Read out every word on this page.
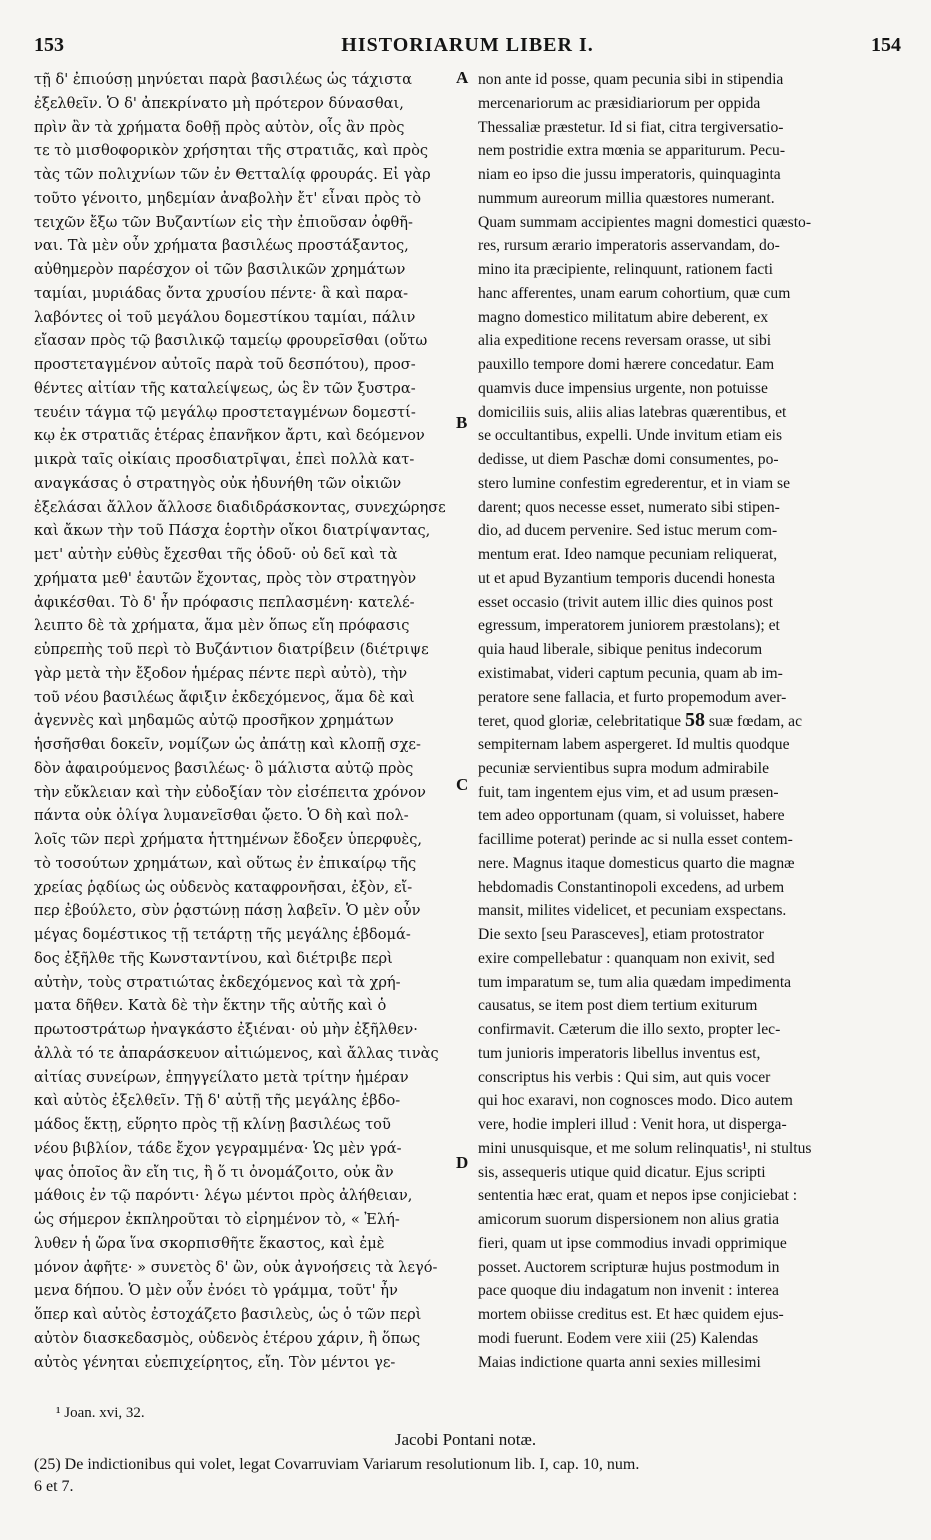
153	HISTORIARUM LIBER I.	154
τῇ δ' ἐπιούσῃ μηνύεται παρὰ βασιλέως ὡς τάχιστα
ἐξελθεῖν. Ὁ δ' ἀπεκρίνατο μὴ πρότερον δύνασθαι,
πρὶν ἂν τὰ χρήματα δοθῇ πρὸς αὐτὸν, οἷς ἂν πρὸς
τε τὸ μισθοφορικὸν χρήσηται τῆς στρατιᾶς, καὶ πρὸς
τὰς τῶν πολιχνίων τῶν ἐν Θετταλίᾳ φρουράς. Εἰ γὰρ
τοῦτο γένοιτο, μηδεμίαν ἀναβολὴν ἔτ' εἶναι πρὸς τὸ
τειχῶν ἔξω τῶν Βυζαντίων εἰς τὴν ἐπιοῦσαν ὀφθῆ-
ναι. Τὰ μὲν οὖν χρήματα βασιλέως προστάξαντος,
αὐθημερὸν παρέσχον οἱ τῶν βασιλικῶν χρημάτων
ταμίαι, μυριάδας ὄντα χρυσίου πέντε· ἃ καὶ παρα-
λαβόντες οἱ τοῦ μεγάλου δομεστίκου ταμίαι, πάλιν
εἴασαν πρὸς τῷ βασιλικῷ ταμείῳ φρουρεῖσθαι (οὕτω
προστεταγμένον αὐτοῖς παρὰ τοῦ δεσπότου), προσ-
θέντες αἰτίαν τῆς καταλείψεως, ὡς ἓν τῶν ξυστρα-
τευέιν τάγμα τῷ μεγάλῳ προστεταγμένων δομεστί-
κῳ ἐκ στρατιᾶς ἑτέρας ἐπανῆκον ἄρτι, καὶ δεόμενον
μικρὰ ταῖς οἰκίαις προσδιατρῖψαι, ἐπεὶ πολλὰ κατ-
αναγκάσας ὁ στρατηγὸς οὐκ ἠδυνήθη τῶν οἰκιῶν
ἐξελάσαι ἄλλον ἄλλοσε διαδιδράσκοντας, συνεχώρησε
καὶ ἄκων τὴν τοῦ Πάσχα ἑορτὴν οἴκοι διατρίψαντας,
μετ' αὐτὴν εὐθὺς ἔχεσθαι τῆς ὁδοῦ· οὐ δεῖ καὶ τὰ
χρήματα μεθ' ἑαυτῶν ἔχοντας, πρὸς τὸν στρατηγὸν
ἀφικέσθαι. Τὸ δ' ἦν πρόφασις πεπλασμένη· κατελέ-
λειπτο δὲ τὰ χρήματα, ἅμα μὲν ὅπως εἴη πρόφασις
εὐπρεπὴς τοῦ περὶ τὸ Βυζάντιον διατρίβειν (διέτριψε
γὰρ μετὰ τὴν ἔξοδον ἡμέρας πέντε περὶ αὐτὸ), τὴν
τοῦ νέου βασιλέως ἄφιξιν ἐκδεχόμενος, ἅμα δὲ καὶ
ἀγεννὲς καὶ μηδαμῶς αὐτῷ προσῆκον χρημάτων
ἡσσῆσθαι δοκεῖν, νομίζων ὡς ἀπάτῃ καὶ κλοπῇ σχε-
δὸν ἀφαιρούμενος βασιλέως· ὃ μάλιστα αὐτῷ πρὸς
τὴν εὔκλειαν καὶ τὴν εὐδοξίαν τὸν εἰσέπειτα χρόνον
πάντα οὐκ ὀλίγα λυμανεῖσθαι ᾤετο. Ὁ δὴ καὶ πολ-
λοῖς τῶν περὶ χρήματα ἡττημένων ἔδοξεν ὑπερφυὲς,
τὸ τοσούτων χρημάτων, καὶ οὕτως ἐν ἐπικαίρῳ τῆς
χρείας ῥᾳδίως ὡς οὐδενὸς καταφρονῆσαι, ἐξὸν, εἴ-
περ ἐβούλετο, σὺν ῥᾳστώνῃ πάσῃ λαβεῖν. Ὁ μὲν οὖν
μέγας δομέστικος τῇ τετάρτῃ τῆς μεγάλης ἑβδομά-
δος ἐξῆλθε τῆς Κωνσταντίνου, καὶ διέτριβε περὶ
αὐτὴν, τοὺς στρατιώτας ἐκδεχόμενος καὶ τὰ χρή-
ματα δῆθεν. Κατὰ δὲ τὴν ἕκτην τῆς αὐτῆς καὶ ὁ
πρωτοστράτωρ ἠναγκάστο ἐξιέναι· οὐ μὴν ἐξῆλθεν·
ἀλλὰ τό τε ἀπαράσκευον αἰτιώμενος, καὶ ἄλλας τινὰς
αἰτίας συνείρων, ἐπηγγείλατο μετὰ τρίτην ἡμέραν
καὶ αὐτὸς ἐξελθεῖν. Τῇ δ' αὐτῇ τῆς μεγάλης ἑβδο-
μάδος ἕκτῃ, εὕρητο πρὸς τῇ κλίνῃ βασιλέως τοῦ
νέου βιβλίον, τάδε ἔχον γεγραμμένα· Ὡς μὲν γρά-
ψας ὁποῖος ἂν εἴη τις, ἢ ὅ τι ὀνομάζοιτο, οὐκ ἂν
μάθοις ἐν τῷ παρόντι· λέγω μέντοι πρὸς ἀλήθειαν,
ὡς σήμερον ἐκπληροῦται τὸ εἰρημένον τὸ, « Ἐλή-
λυθεν ἡ ὥρα ἵνα σκορπισθῆτε ἕκαστος, καὶ ἐμὲ
μόνον ἀφῆτε· » συνετὸς δ' ὢν, οὐκ ἀγνοήσεις τὰ λεγό-
μενα δήπου. Ὁ μὲν οὖν ἐνόει τὸ γράμμα, τοῦτ' ἦν
ὅπερ καὶ αὐτὸς ἐστοχάζετο βασιλεὺς, ὡς ὁ τῶν περὶ
αὐτὸν διασκεδασμὸς, οὐδενὸς ἑτέρου χάριν, ἢ ὅπως
αὐτὸς γένηται εὐεπιχείρητος, εἴη. Τὸν μέντοι γε-
non ante id posse, quam pecunia sibi in stipendia
mercenariorum ac præsidiariorum per oppida
Thessaliæ præstetur. Id si fiat, citra tergiversatio-
nem postridie extra mœnia se appariturum. Pecu-
niam eo ipso die jussu imperatoris, quinquaginta
nummum aureorum millia quæstores numerant.
Quam summam accipientes magni domestici quæsto-
res, rursum ærario imperatoris asservandam, do-
mino ita præcipiente, relinquunt, rationem facti
hanc afferentes, unam earum cohortium, quæ cum
magno domestico militatum abire deberent, ex
alia expeditione recens reversam orasse, ut sibi
pauxillo tempore domi hærere concedatur. Eam
quamvis duce impensius urgente, non potuisse
domiciliis suis, aliis alias latebras quærentibus, et
se occultantibus, expelli. Unde invitum etiam eis
dedisse, ut diem Paschæ domi consumentes, po-
stero lumine confestim egrederentur, et in viam se
darent; quos necesse esset, numerato sibi stipen-
dio, ad ducem pervenire. Sed istuc merum com-
mentum erat. Ideo namque pecuniam reliquerat,
ut et apud Byzantium temporis ducendi honesta
esset occasio (trivit autem illic dies quinos post
egressum, imperatorem juniorem præstolans); et
quia haud liberale, sibique penitus indecorum
existimabat, videri captum pecunia, quam ab im-
peratore sene fallacia, et furto propemodum aver-
teret, quod gloriæ, celebritatique 58 suæ fœdam, ac
sempiternam labem aspergeret. Id multis quodque
pecuniæ servientibus supra modum admirabile
fuit, tam ingentem ejus vim, et ad usum præsen-
tem adeo opportunam (quam, si voluisset, habere
facillime poterat) perinde ac si nulla esset contem-
nere. Magnus itaque domesticus quarto die magnæ
hebdomadis Constantinopoli excedens, ad urbem
mansit, milites videlicet, et pecuniam exspectans.
Die sexto [seu Parasceves], etiam protostrator
exire compellebatur : quanquam non exivit, sed
tum imparatum se, tum alia quædam impedimenta
causatus, se item post diem tertium exiturum
confirmavit. Cæterum die illo sexto, propter lec-
tum junioris imperatoris libellus inventus est,
conscriptus his verbis : Qui sim, aut quis vocer
qui hoc exaravi, non cognosces modo. Dico autem
vere, hodie impleri illud : Venit hora, ut disperga-
mini unusquisque, et me solum relinquatis¹, ni stultus
sis, assequeris utique quid dicatur. Ejus scripti
sententia hæc erat, quam et nepos ipse conjiciebat :
amicorum suorum dispersionem non alius gratia
fieri, quam ut ipse commodius invadi opprimique
posset. Auctorem scripturæ hujus postmodum in
pace quoque diu indagatum non invenit : interea
mortem obiisse creditus est. Et hæc quidem ejus-
modi fuerunt. Eodem vere xiii (25) Kalendas
Maias indictione quarta anni sexies millesimi
A
B
C
D
¹ Joan. xvi, 32.
Jacobi Pontani notæ.
(25) De indictionibus qui volet, legat Covarruviam Variarum resolutionum lib. I, cap. 10, num.
6 et 7.
